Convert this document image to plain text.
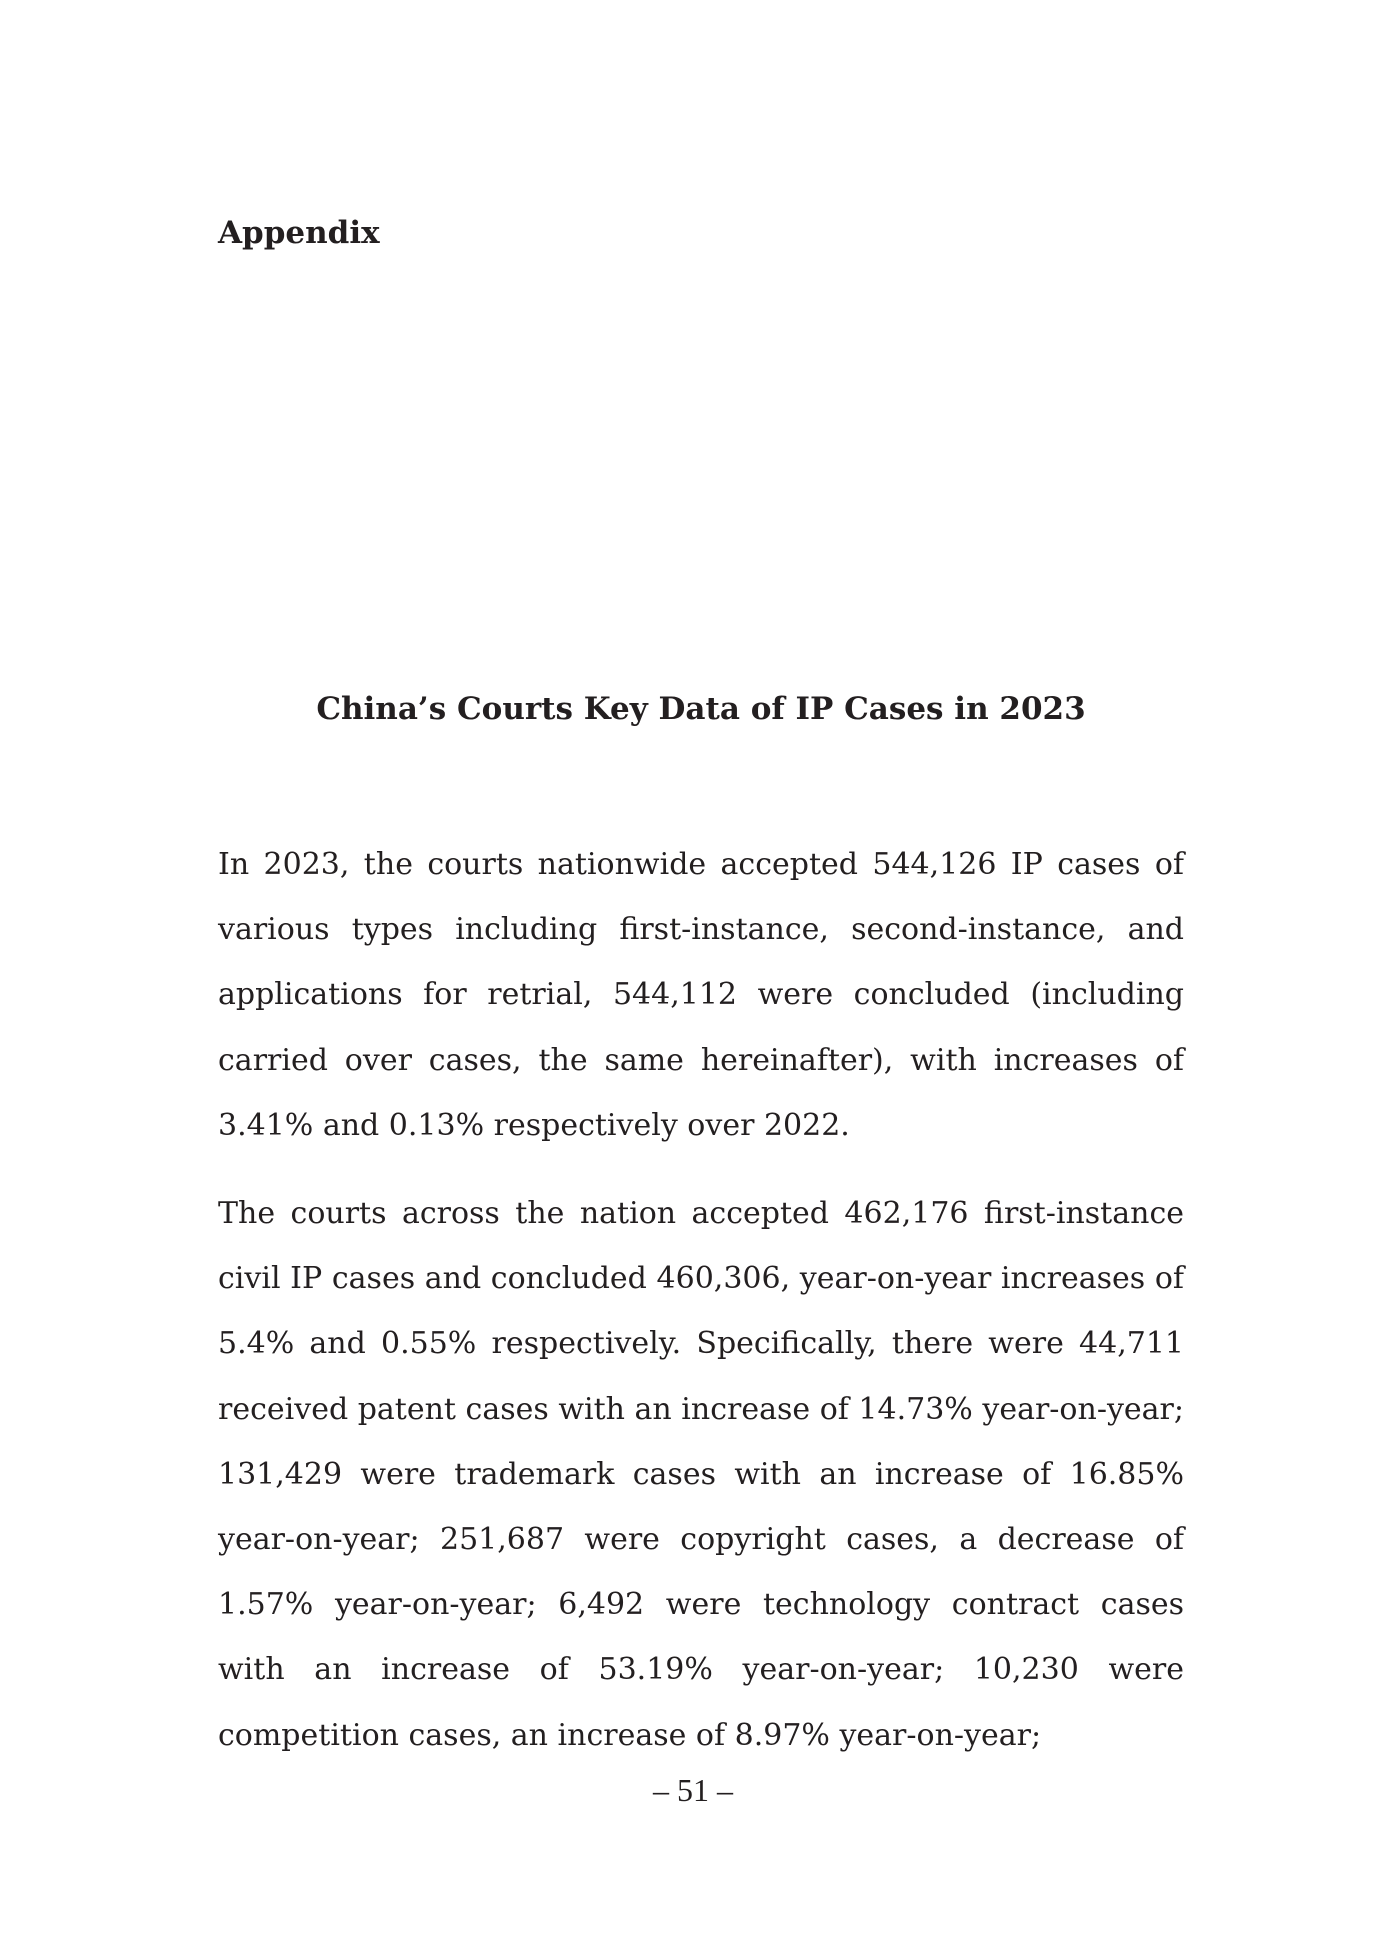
Appendix
China’s Courts Key Data of IP Cases in 2023

In 2023, the courts nationwide accepted 544,126 IP cases of various types including first-instance, second-instance, and applications for retrial, 544,112 were concluded (including carried over cases, the same hereinafter), with increases of 3.41% and 0.13% respectively over 2022.

The courts across the nation accepted 462,176 first-instance civil IP cases and concluded 460,306, year-on-year increases of 5.4% and 0.55% respectively. Specifically, there were 44,711 received patent cases with an increase of 14.73% year-on-year; 131,429 were trademark cases with an increase of 16.85% year-on-year; 251,687 were copyright cases, a decrease of 1.57% year-on-year; 6,492 were technology contract cases with an increase of 53.19% year-on-year; 10,230 were competition cases, an increase of 8.97% year-on-year;

– 51 –
